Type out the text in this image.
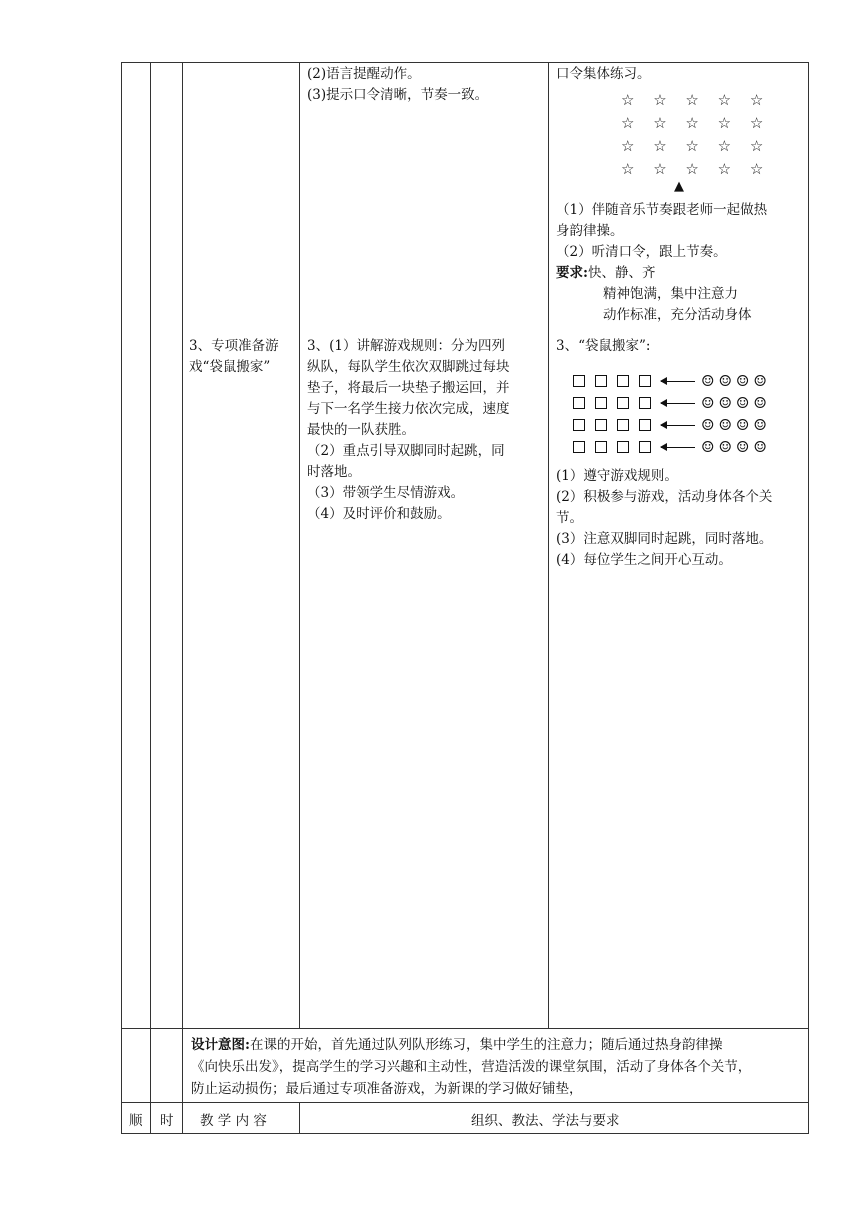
(2)语言提醒动作。

(3)提示口令清晰，节奏一致。

口令集体练习。

☆ ☆ ☆ ☆ ☆
☆ ☆ ☆ ☆ ☆
☆ ☆ ☆ ☆ ☆
☆ ☆ ☆ ☆ ☆
▲

（1）伴随音乐节奏跟老师一起做热

身韵律操。

（2）听清口令，跟上节奏。

要求:快、静、齐

精神饱满，集中注意力

动作标准，充分活动身体

3、专项准备游

戏“袋鼠搬家”

3、(1）讲解游戏规则：分为四列

纵队，每队学生依次双脚跳过每块

垫子，将最后一块垫子搬运回，并

与下一名学生接力依次完成，速度

最快的一队获胜。

（2）重点引导双脚同时起跳，同

时落地。

（3）带领学生尽情游戏。

（4）及时评价和鼓励。

3、“袋鼠搬家”:
☺ ☺ ☺ ☺
☺ ☺ ☺ ☺
☺ ☺ ☺ ☺
☺ ☺ ☺ ☺

(1）遵守游戏规则。

(2）积极参与游戏，活动身体各个关

节。

(3）注意双脚同时起跳，同时落地。

(4）每位学生之间开心互动。

设计意图:在课的开始，首先通过队列队形练习，集中学生的注意力；随后通过热身韵律操

《向快乐出发》，提高学生的学习兴趣和主动性，营造活泼的课堂氛围，活动了身体各个关节，

防止运动损伤；最后通过专项准备游戏，为新课的学习做好铺垫，

顺 时 教 学 内 容	组织、教法、学法与要求
